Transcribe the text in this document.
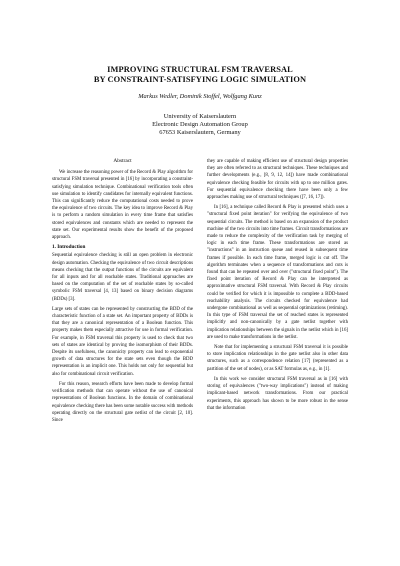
IMPROVING STRUCTURAL FSM TRAVERSAL
BY CONSTRAINT-SATISFYING LOGIC SIMULATION
Markus Wedler, Dominik Stoffel, Wolfgang Kunz
University of Kaiserslautern
Electronic Design Automation Group
67653 Kaiserslautern, Germany
Abstract

We increase the reasoning power of the Record & Play algorithm for structural FSM traversal presented in [16] by incorporating a constraint-satisfying simulation technique. Combinational verification tools often use simulation to identify candidates for internally equivalent functions. This can significantly reduce the computational costs needed to prove the equivalence of two circuits. The key idea to improve Record & Play is to perform a random simulation in every time frame that satisfies stored equivalences and constants which are needed to represent the state set. Our experimental results show the benefit of the proposed approach.

1. Introduction

Sequential equivalence checking is still an open problem in electronic design automation. Checking the equivalence of two circuit descriptions means checking that the output functions of the circuits are equivalent for all inputs and for all reachable states. Traditional approaches are based on the computation of the set of reachable states by so-called symbolic FSM traversal [4, 13] based on binary decision diagrams (BDDs) [3].

Large sets of states can be represented by constructing the BDD of the characteristic function of a state set. An important property of BDDs is that they are a canonical representation of a Boolean function. This property makes them especially attractive for use in formal verification. For example, in FSM traversal this property is used to check that two sets of states are identical by proving the isomorphism of their BDDs. Despite its usefulness, the canonicity property can lead to exponential growth of data structures for the state sets even though the BDD representation is an implicit one. This holds not only for sequential but also for combinational circuit verification.

For this reason, research efforts have been made to develop formal verification methods that can operate without the use of canonical representations of Boolean functions. In the domain of combinational equivalence checking there has been some notable success with methods operating directly on the structural gate netlist of the circuit [2, 10]. Since

they are capable of making efficient use of structural design properties they are often referred to as structural techniques. These techniques and further developments (e.g., [8, 9, 12, 14]) have made combinational equivalence checking feasible for circuits with up to one million gates. For sequential equivalence checking there have been only a few approaches making use of structural techniques ([7, 16, 17]).

In [16], a technique called Record & Play is presented which uses a "structural fixed point iteration" for verifying the equivalence of two sequential circuits. The method is based on an expansion of the product machine of the two circuits into time frames. Circuit transformations are made to reduce the complexity of the verification task by merging of logic in each time frame. These transformations are stored as "instructions" in an instruction queue and reused in subsequent time frames if possible. In each time frame, merged logic is cut off. The algorithm terminates when a sequence of transformations and cuts is found that can be repeated over and over ("structural fixed point"). The fixed point iteration of Record & Play can be interpreted as approximative structural FSM traversal. With Record & Play circuits could be verified for which it is impossible to complete a BDD-based reachability analysis. The circuits checked for equivalence had undergone combinational as well as sequential optimizations (retiming). In this type of FSM traversal the set of reached states is represented implicitly and non-canonically by a gate netlist together with implication relationships between the signals in the netlist which in [16] are used to make transformations in the netlist.

Note that for implementing a structural FSM traversal it is possible to store implication relationships in the gate netlist also in other data structures, such as a correspondence relation [17] (represented as a partition of the set of nodes), or as SAT formulas as, e.g., in [1].

In this work we consider structural FSM traversal as in [16] with storing of equivalences ("two-way implications") instead of making implicant-based network transformations. From our practical experiments, this approach has shown to be more robust in the sense that the information
